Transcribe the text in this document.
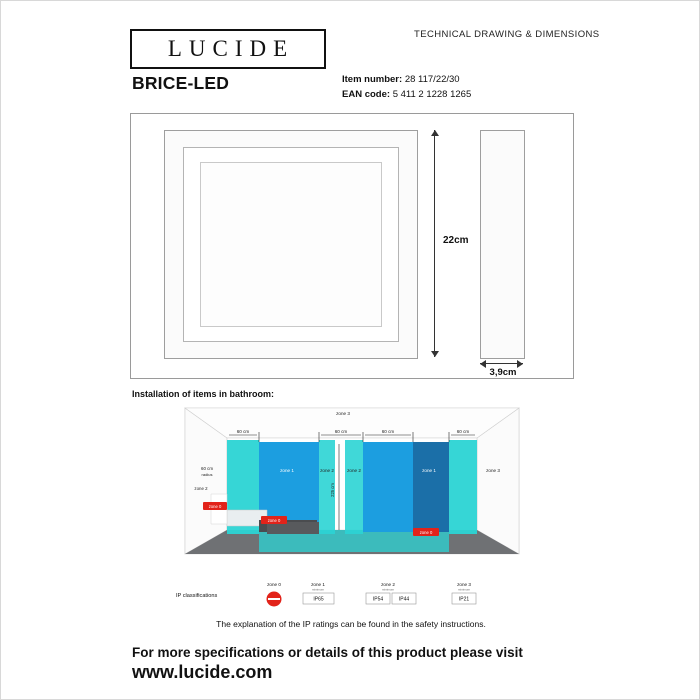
LUCIDE
TECHNICAL DRAWING & DIMENSIONS
BRICE-LED	Item number: 28 117/22/30
EAN code: 5 411 2 1228 1265
22cm
3,9cm
Installation of items in bathroom:
zone 3
60 cm	60 cm	60 cm	60 cm
60 cm
radius
zone 2
zone 1	zone 2	zone 2	zone 1	zone 3
225 cm
zone 0
zone 0
zone 0
IP classifications
zone 0	zone 1
minimum
IP65
zone 2
minimum
IP54	IP44
zone 3
minimum
IP21
The explanation of the IP ratings can be found in the safety instructions.
For more specifications or details of this product please visit
www.lucide.com
